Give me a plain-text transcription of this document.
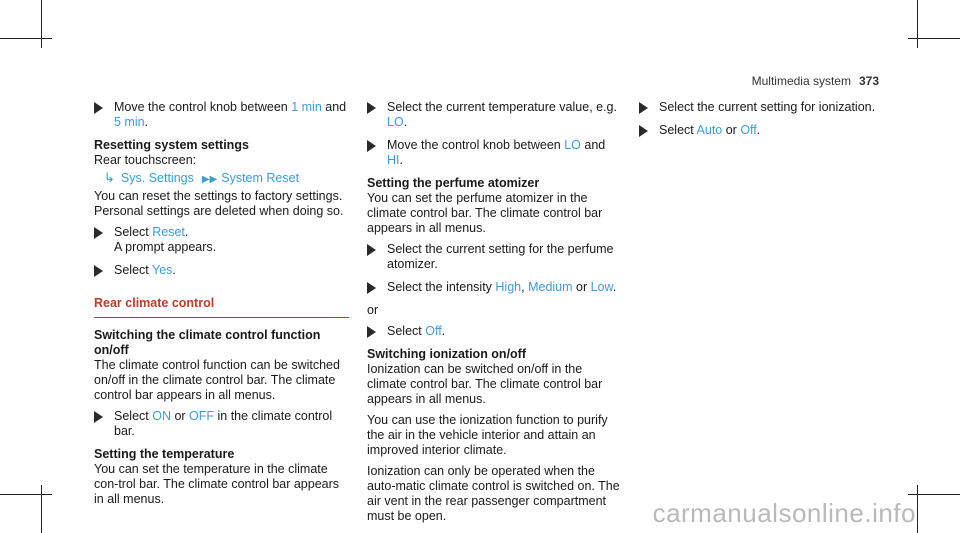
Multimedia system 373
Move the control knob between 1 min and 5 min.

Resetting system settings

Rear touchscreen:

↳ Sys. Settings ▶▶ System Reset

You can reset the settings to factory settings. Personal settings are deleted when doing so.

Select Reset.
A prompt appears.
Select Yes.

Rear climate control

Switching the climate control function on/off

The climate control function can be switched on/off in the climate control bar. The climate control bar appears in all menus.

Select ON or OFF in the climate control bar.

Setting the temperature

You can set the temperature in the climate con-trol bar. The climate control bar appears in all menus.

Select the current temperature value, e.g. LO.
Move the control knob between LO and HI.

Setting the perfume atomizer

You can set the perfume atomizer in the climate control bar. The climate control bar appears in all menus.

Select the current setting for the perfume atomizer.
Select the intensity High, Medium or Low.

or

Select Off.

Switching ionization on/off

Ionization can be switched on/off in the climate control bar. The climate control bar appears in all menus.

You can use the ionization function to purify the air in the vehicle interior and attain an improved interior climate.

Ionization can only be operated when the auto-matic climate control is switched on. The air vent in the rear passenger compartment must be open.

Select the current setting for ionization.
Select Auto or Off.
carmanualsonline.info
